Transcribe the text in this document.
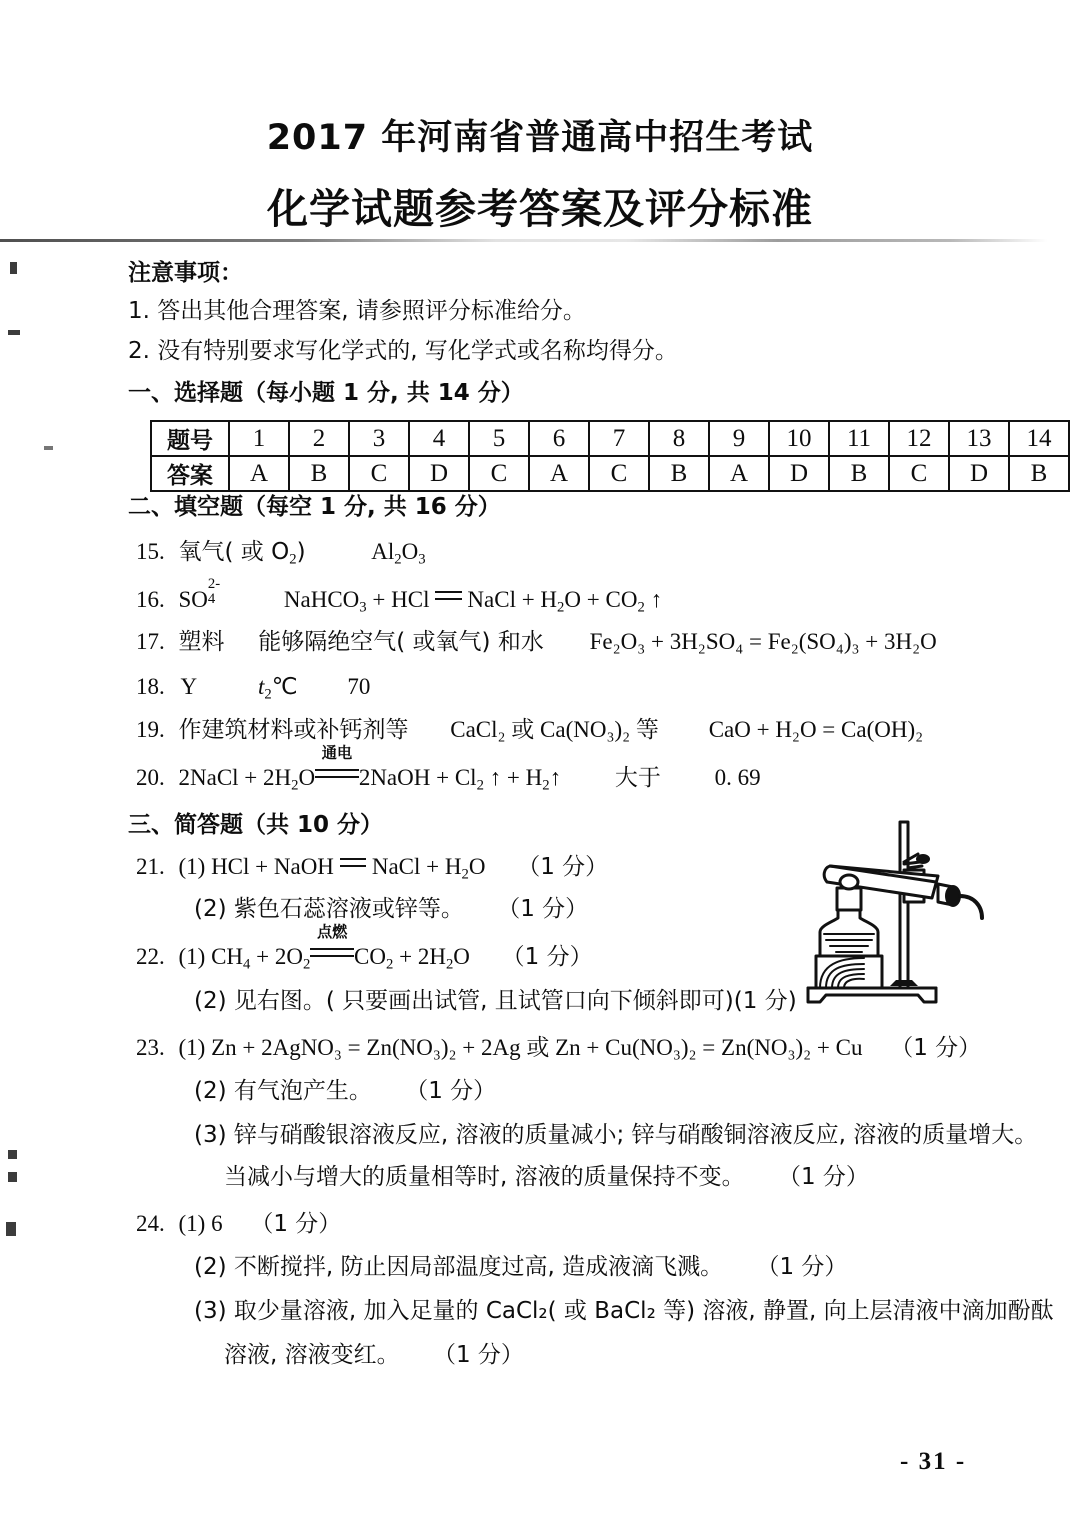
2017 年河南省普通高中招生考试
化学试题参考答案及评分标准
注意事项：
1. 答出其他合理答案, 请参照评分标准给分。
2. 没有特别要求写化学式的, 写化学式或名称均得分。
一、选择题（每小题 1 分, 共 14 分）
题号	1	2	3	4	5	6	7	8	9	10	11	12	13	14
答案	A	B	C	D	C	A	C	B	A	D	B	C	D	B
二、填空题（每空 1 分, 共 16 分）
15. 氧气( 或 $O_2$)	$Al_2O_3$
16. SO
2-
4	NaHCO$_3$ + HCl NaCl + $H_2O + CO_2$ ↑
17. 塑料 能够隔绝空气( 或氧气) 和水 Fe₂O₃ + 3H₂SO₄ = Fe₂(SO₄)₃ + 3H₂O
18. Y	$t_2℃$ 70
19. 作建筑材料或补钙剂等 CaCl₂ 或 Ca(NO₃)₂ 等 CaO + H₂O = Ca(OH)₂
20. 2NaCl + $2H_2O$
通电
2NaOH + $Cl_2$ ↑ + $H_2↑$ 大于 0. 69
三、简答题（共 10 分）
21. (1) HCl + NaOH NaCl + $H_2O$ （1 分）
(2) 紫色石蕊溶液或锌等。 （1 分）
22. (1) $CH_4 + 2O_2$
点燃
$CO_2 + 2H_2O$ （1 分）
(2) 见右图。( 只要画出试管, 且试管口向下倾斜即可)(1 分)
23. (1) Zn + 2AgNO₃ = Zn(NO₃)₂ + 2Ag 或 Zn + Cu(NO₃)₂ = Zn(NO₃)₂ + Cu （1 分）
(2) 有气泡产生。 （1 分）
(3) 锌与硝酸银溶液反应, 溶液的质量减小; 锌与硝酸铜溶液反应, 溶液的质量增大。
当减小与增大的质量相等时, 溶液的质量保持不变。 （1 分）
24. (1) 6 （1 分）
(2) 不断搅拌, 防止因局部温度过高, 造成液滴飞溅。 （1 分）
(3) 取少量溶液, 加入足量的 CaCl₂( 或 BaCl₂ 等) 溶液, 静置, 向上层清液中滴加酚酞
溶液, 溶液变红。 （1 分）
- 31 -
